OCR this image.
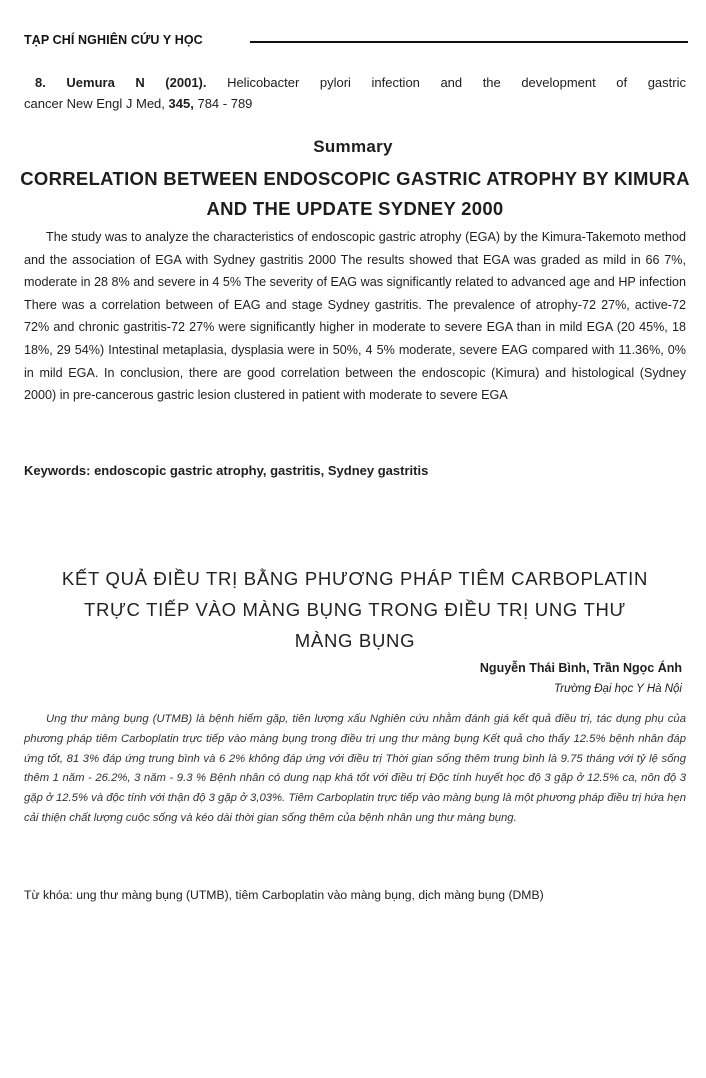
TẠP CHÍ NGHIÊN CỨU Y HỌC
8. Uemura N (2001). Helicobacter pylori infection and the development of gastric
cancer New Engl J Med, 345, 784 - 789
Summary
CORRELATION BETWEEN ENDOSCOPIC GASTRIC ATROPHY BY KIMURA AND THE UPDATE SYDNEY 2000
The study was to analyze the characteristics of endoscopic gastric atrophy (EGA) by the Kimura-Takemoto method and the association of EGA with Sydney gastritis 2000 The results showed that EGA was graded as mild in 66 7%, moderate in 28 8% and severe in 4 5% The severity of EAG was significantly related to advanced age and HP infection There was a correlation between of EAG and stage Sydney gastritis. The prevalence of atrophy-72 27%, active-72 72% and chronic gastritis-72 27% were significantly higher in moderate to severe EGA than in mild EGA (20 45%, 18 18%, 29 54%) Intestinal metaplasia, dysplasia were in 50%, 4 5% moderate, severe EAG compared with 11.36%, 0% in mild EGA. In conclusion, there are good correlation between the endoscopic (Kimura) and histological (Sydney 2000) in pre-cancerous gastric lesion clustered in patient with moderate to severe EGA
Keywords: endoscopic gastric atrophy, gastritis, Sydney gastritis
KẾT QUẢ ĐIỀU TRỊ BẰNG PHƯƠNG PHÁP TIÊM CARBOPLATIN
TRỰC TIẾP VÀO MÀNG BỤNG TRONG ĐIỀU TRỊ UNG THƯ
MÀNG BỤNG
Nguyễn Thái Bình, Trần Ngọc Ánh
Trường Đại học Y Hà Nội
Ung thư màng bụng (UTMB) là bệnh hiếm gặp, tiên lượng xấu Nghiên cứu nhằm đánh giá kết quả điều trị, tác dụng phụ của phương pháp tiêm Carboplatin trực tiếp vào màng bụng trong điều trị ung thư màng bụng Kết quả cho thấy 12.5% bệnh nhân đáp ứng tốt, 81 3% đáp ứng trung bình và 6 2% không đáp ứng với điều trị Thời gian sống thêm trung bình là 9.75 tháng với tỷ lệ sống thêm 1 năm - 26.2%, 3 năm - 9.3 % Bệnh nhân có dung nạp khá tốt với điều trị Độc tính huyết học độ 3 gặp ở 12.5% ca, nôn độ 3 gặp ở 12.5% và độc tính với thận độ 3 gặp ở 3,03%. Tiêm Carboplatin trực tiếp vào màng bụng là một phương pháp điều trị hứa hẹn cải thiện chất lượng cuộc sống và kéo dài thời gian sống thêm của bệnh nhân ung thư màng bụng.
Từ khóa: ung thư màng bụng (UTMB), tiêm Carboplatin vào màng bụng, dịch màng bụng (DMB)
